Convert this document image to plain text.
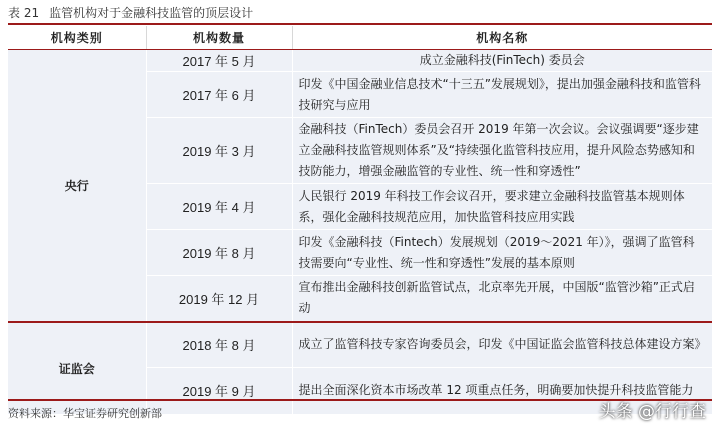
表 21 监管机构对于金融科技监管的顶层设计
机构类别	机构数量	机构名称
央行	2017 年 5 月	成立金融科技(FinTech) 委员会
	2017 年 6 月	印发《中国金融业信息技术“十三五”发展规划》，提出加强金融科技和监管科技研究与应用
	2019 年 3 月	金融科技（FinTech）委员会召开 2019 年第一次会议。会议强调要“逐步建立金融科技监管规则体系”及“持续强化监管科技应用，提升风险态势感知和技防能力，增强金融监管的专业性、统一性和穿透性”
	2019 年 4 月	人民银行 2019 年科技工作会议召开，要求建立金融科技监管基本规则体系，强化金融科技规范应用，加快监管科技应用实践
	2019 年 8 月	印发《金融科技（Fintech）发展规划（2019～2021 年）》，强调了监管科技需要向“专业性、统一性和穿透性”发展的基本原则
	2019 年 12 月	宣布推出金融科技创新监管试点，北京率先开展，中国版“监管沙箱”正式启动
证监会	2018 年 8 月	成立了监管科技专家咨询委员会，印发《中国证监会监管科技总体建设方案》
	2019 年 9 月	提出全面深化资本市场改革 12 项重点任务，明确要加快提升科技监管能力
资料来源：华宝证券研究创新部	头条 @行行查
